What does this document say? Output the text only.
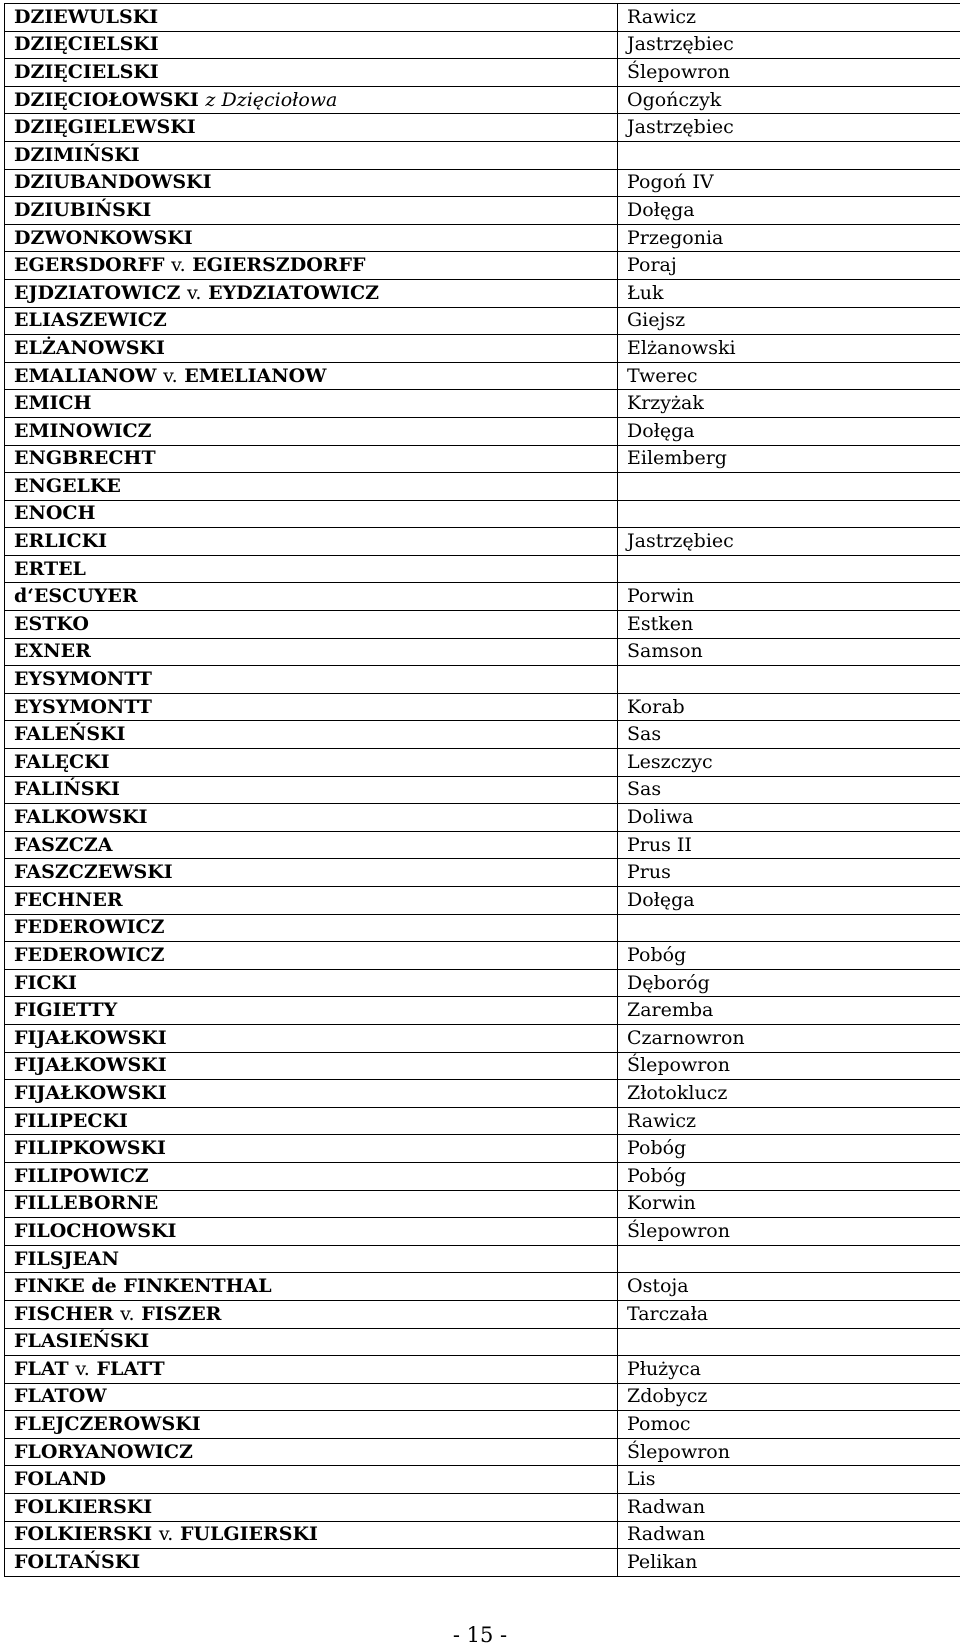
DZIEWULSKI	Rawicz
DZIĘCIELSKI	Jastrzębiec
DZIĘCIELSKI	Ślepowron
DZIĘCIOŁOWSKI z Dzięciołowa	Ogończyk
DZIĘGIELEWSKI	Jastrzębiec
DZIMIŃSKI	
DZIUBANDOWSKI	Pogoń IV
DZIUBIŃSKI	Dołęga
DZWONKOWSKI	Przegonia
EGERSDORFF v. EGIERSZDORFF	Poraj
EJDZIATOWICZ v. EYDZIATOWICZ	Łuk
ELIASZEWICZ	Giejsz
ELŻANOWSKI	Elżanowski
EMALIANOW v. EMELIANOW	Twerec
EMICH	Krzyżak
EMINOWICZ	Dołęga
ENGBRECHT	Eilemberg
ENGELKE	
ENOCH	
ERLICKI	Jastrzębiec
ERTEL	
d‘ESCUYER	Porwin
ESTKO	Estken
EXNER	Samson
EYSYMONTT	
EYSYMONTT	Korab
FALEŃSKI	Sas
FALĘCKI	Leszczyc
FALIŃSKI	Sas
FALKOWSKI	Doliwa
FASZCZA	Prus II
FASZCZEWSKI	Prus
FECHNER	Dołęga
FEDEROWICZ	
FEDEROWICZ	Pobóg
FICKI	Dęboróg
FIGIETTY	Zaremba
FIJAŁKOWSKI	Czarnowron
FIJAŁKOWSKI	Ślepowron
FIJAŁKOWSKI	Złotoklucz
FILIPECKI	Rawicz
FILIPKOWSKI	Pobóg
FILIPOWICZ	Pobóg
FILLEBORNE	Korwin
FILOCHOWSKI	Ślepowron
FILSJEAN	
FINKE de FINKENTHAL	Ostoja
FISCHER v. FISZER	Tarczała
FLASIEŃSKI	
FLAT v. FLATT	Płużyca
FLATOW	Zdobycz
FLEJCZEROWSKI	Pomoc
FLORYANOWICZ	Ślepowron
FOLAND	Lis
FOLKIERSKI	Radwan
FOLKIERSKI v. FULGIERSKI	Radwan
FOLTAŃSKI	Pelikan
- 15 -
